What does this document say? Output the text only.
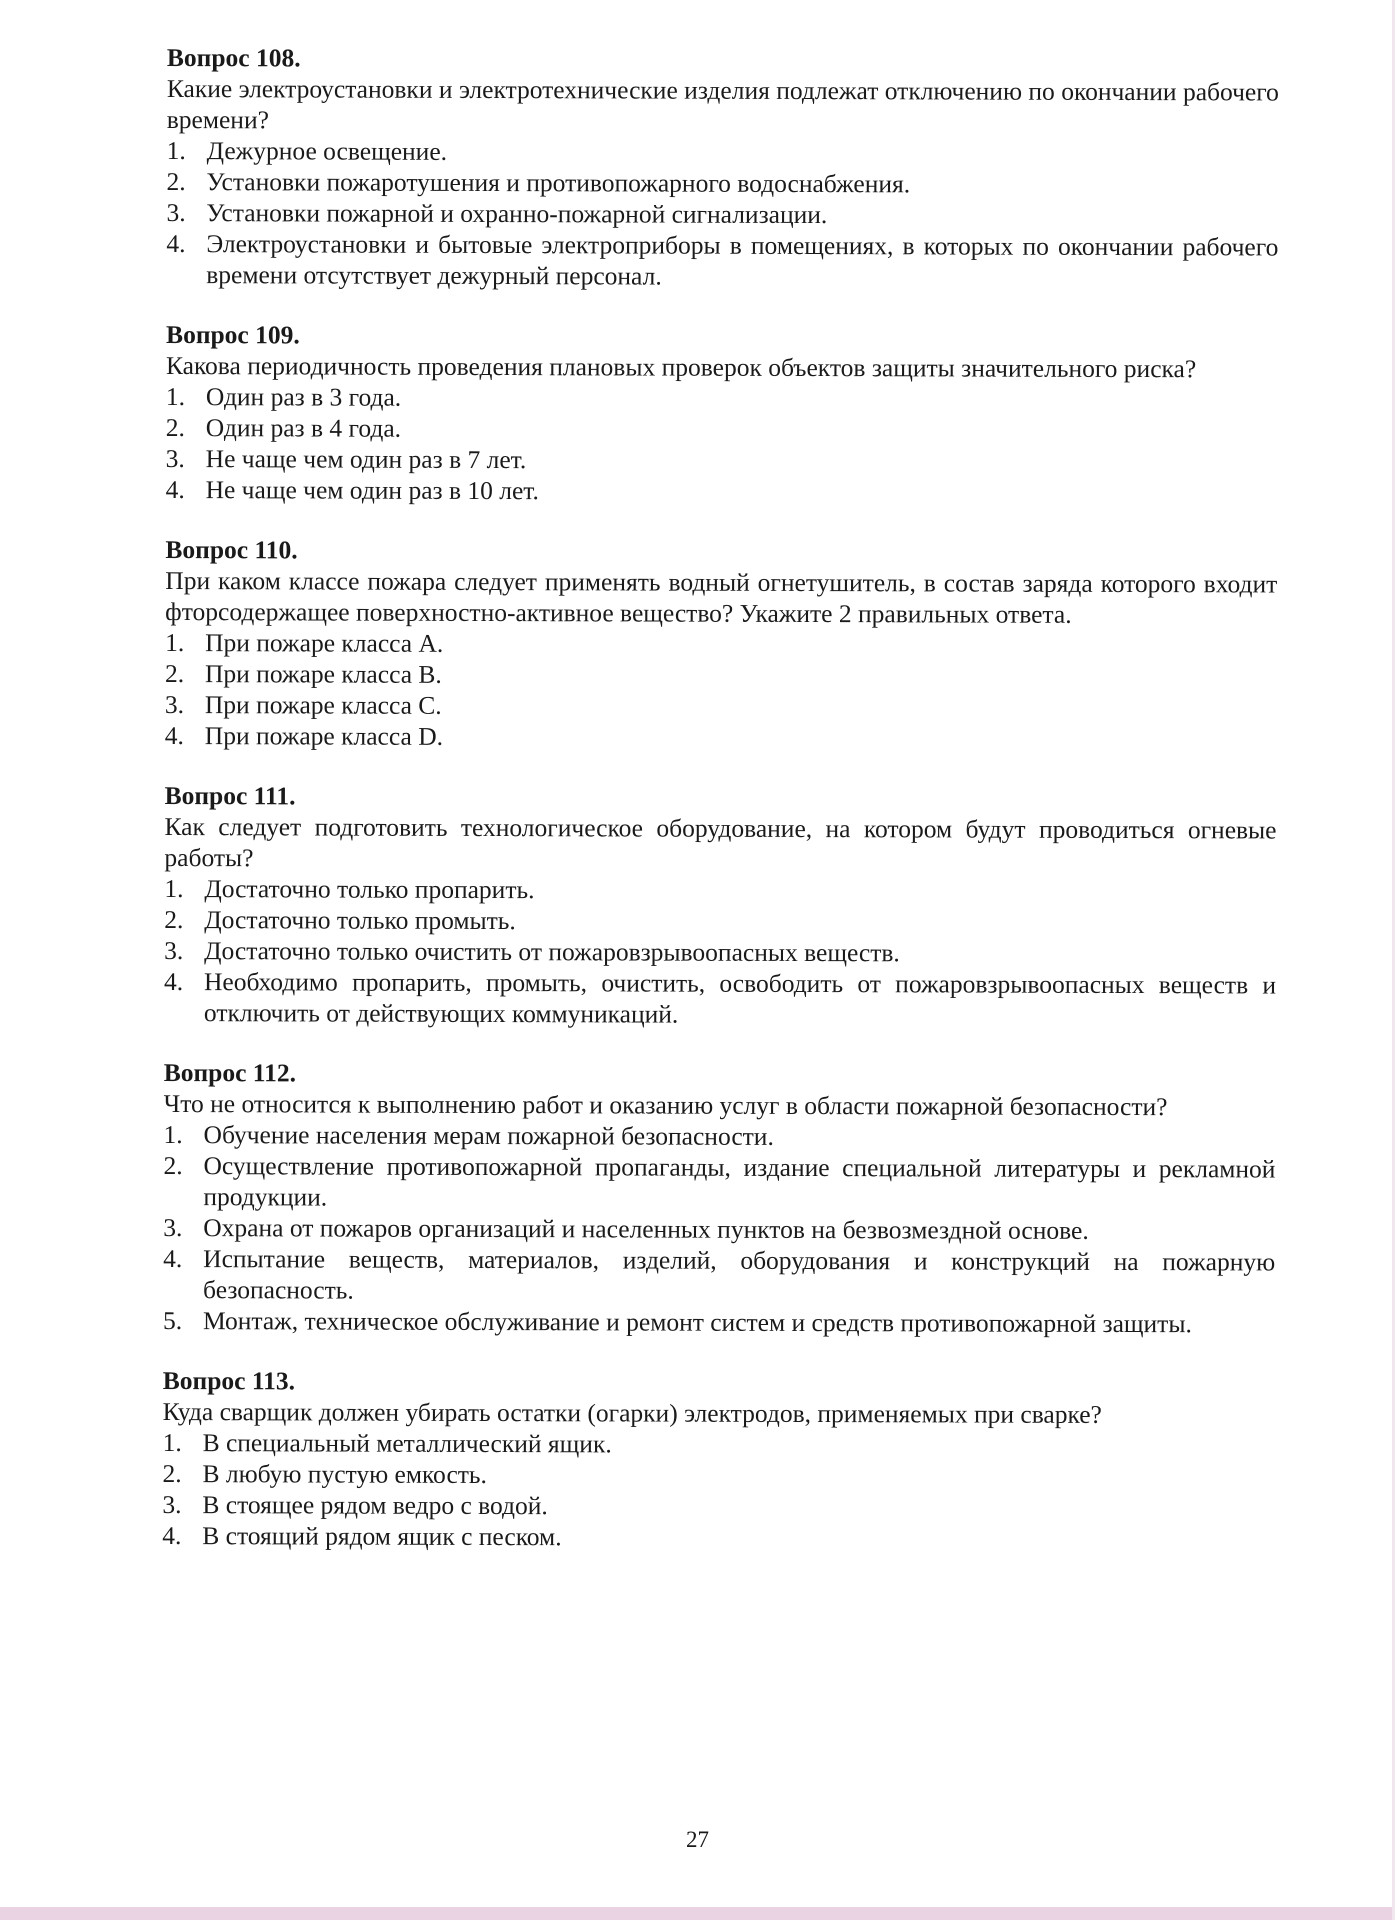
Вопрос 108.

Какие электроустановки и электротехнические изделия подлежат отключению по окончании рабочего времени?

1. Дежурное освещение.
2. Установки пожаротушения и противопожарного водоснабжения.
3. Установки пожарной и охранно-пожарной сигнализации.
4. Электроустановки и бытовые электроприборы в помещениях, в которых по окончании рабочего времени отсутствует дежурный персонал.

Вопрос 109.

Какова периодичность проведения плановых проверок объектов защиты значительного риска?

1. Один раз в 3 года.
2. Один раз в 4 года.
3. Не чаще чем один раз в 7 лет.
4. Не чаще чем один раз в 10 лет.

Вопрос 110.

При каком классе пожара следует применять водный огнетушитель, в состав заряда которого входит фторсодержащее поверхностно-активное вещество? Укажите 2 правильных ответа.

1. При пожаре класса А.
2. При пожаре класса В.
3. При пожаре класса С.
4. При пожаре класса D.

Вопрос 111.

Как следует подготовить технологическое оборудование, на котором будут проводиться огневые работы?

1. Достаточно только пропарить.
2. Достаточно только промыть.
3. Достаточно только очистить от пожаровзрывоопасных веществ.
4. Необходимо пропарить, промыть, очистить, освободить от пожаровзрывоопасных веществ и отключить от действующих коммуникаций.

Вопрос 112.

Что не относится к выполнению работ и оказанию услуг в области пожарной безопасности?

1. Обучение населения мерам пожарной безопасности.
2. Осуществление противопожарной пропаганды, издание специальной литературы и рекламной продукции.
3. Охрана от пожаров организаций и населенных пунктов на безвозмездной основе.
4. Испытание веществ, материалов, изделий, оборудования и конструкций на пожарную безопасность.
5. Монтаж, техническое обслуживание и ремонт систем и средств противопожарной защиты.

Вопрос 113.

Куда сварщик должен убирать остатки (огарки) электродов, применяемых при сварке?

1. В специальный металлический ящик.
2. В любую пустую емкость.
3. В стоящее рядом ведро с водой.
4. В стоящий рядом ящик с песком.
27
